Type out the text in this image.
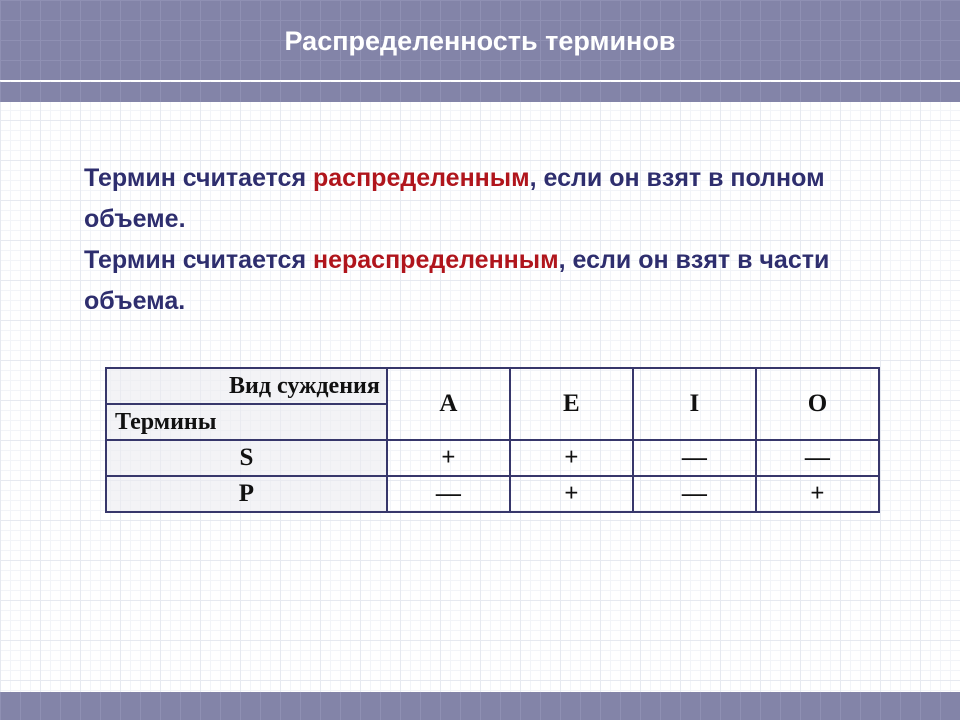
Распределенность терминов

Термин считается распределенным, если он взят в полном объеме.

Термин считается нераспределенным, если он взят в части объема.

Вид суждения	A	E	I	O
Термины				
S	+	+	—	—
P	—	+	—	+
